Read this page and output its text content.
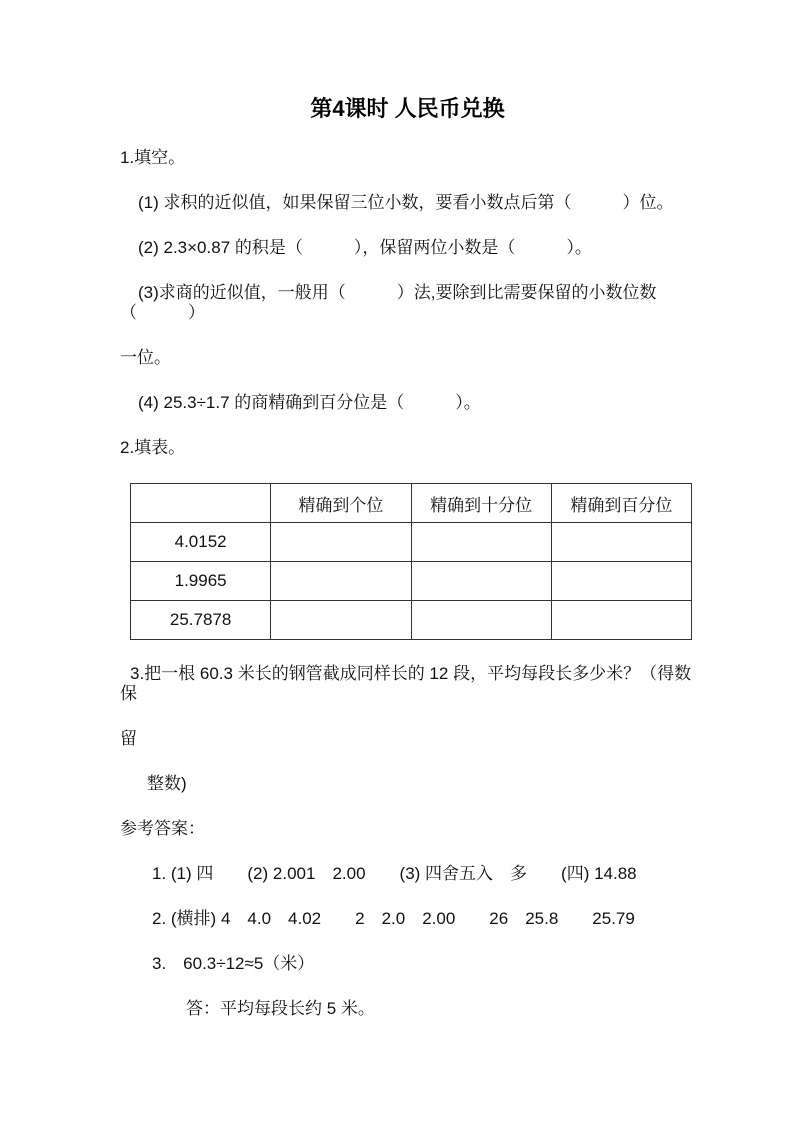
第4课时 人民币兑换

1.填空。

(1) 求积的近似值，如果保留三位小数，要看小数点后第（　　　）位。

(2) 2.3×0.87 的积是（　　　），保留两位小数是（　　　）。

(3)求商的近似值，一般用（　　　）法,要除到比需要保留的小数位数（　　　）

一位。

(4) 25.3÷1.7 的商精确到百分位是（　　　）。

2.填表。

	精确到个位	精确到十分位	精确到百分位
4.0152			
1.9965			
25.7878			

3.把一根 60.3 米长的钢管截成同样长的 12 段，平均每段长多少米？（得数保

留

整数)

参考答案：

1. (1) 四　　(2) 2.001　2.00　　(3) 四舍五入　多　　(四) 14.88

2. (横排) 4　4.0　4.02　　2　2.0　2.00　　26　25.8　　25.79

3.　60.3÷12≈5（米）

答：平均每段长约 5 米。
